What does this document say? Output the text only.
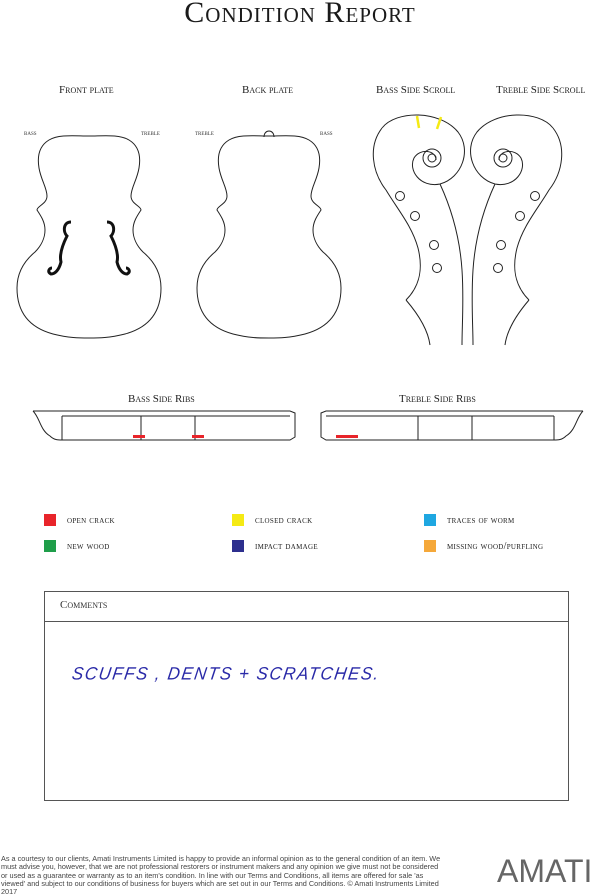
Condition Report
Front plate	Back plate	Bass Side Scroll	Treble Side Scroll
Bass Side Ribs	Treble Side Ribs
bass	treble	treble	bass
open crack	closed crack	traces of worm
new wood	impact damage	missing wood/purfling
Comments
SCUFFS , DENTS + SCRATCHES.
As a courtesy to our clients, Amati Instruments Limited is happy to provide an informal opinion as to the general condition of an item. We must advise you, however, that we are not professional restorers or instrument makers and any opinion we give must not be considered or used as a guarantee or warranty as to an item's condition. In line with our Terms and Conditions, all items are offered for sale 'as viewed' and subject to our conditions of business for buyers which are set out in our Terms and Conditions. © Amati Instruments Limited 2017
AMATI
